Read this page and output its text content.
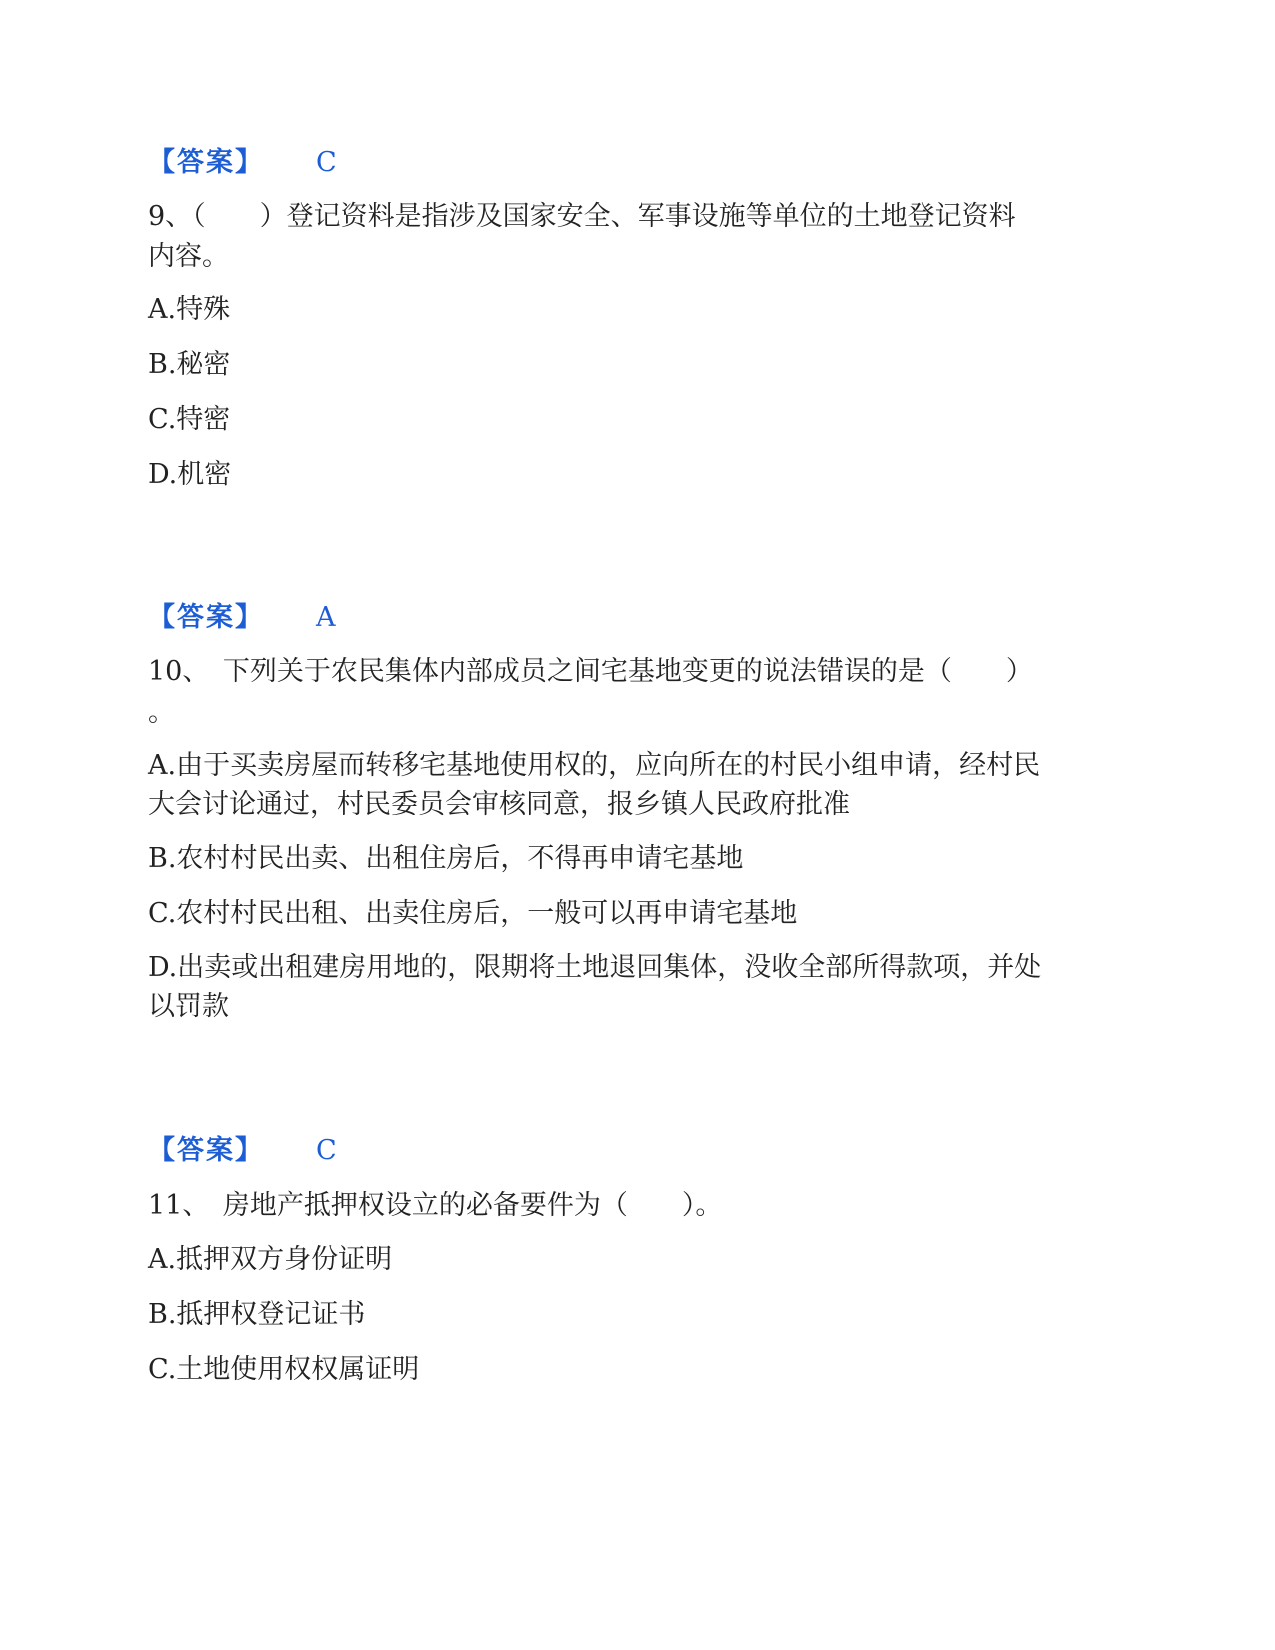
【答案】 C
9、（　　）登记资料是指涉及国家安全、军事设施等单位的土地登记资料
内容。
A.特殊
B.秘密
C.特密
D.机密
【答案】 A
10、　下列关于农民集体内部成员之间宅基地变更的说法错误的是（　　）
。
A.由于买卖房屋而转移宅基地使用权的，应向所在的村民小组申请，经村民
大会讨论通过，村民委员会审核同意，报乡镇人民政府批准
B.农村村民出卖、出租住房后，不得再申请宅基地
C.农村村民出租、出卖住房后，一般可以再申请宅基地
D.出卖或出租建房用地的，限期将土地退回集体，没收全部所得款项，并处
以罚款
【答案】 C
11、　房地产抵押权设立的必备要件为（　　）。
A.抵押双方身份证明
B.抵押权登记证书
C.土地使用权权属证明
